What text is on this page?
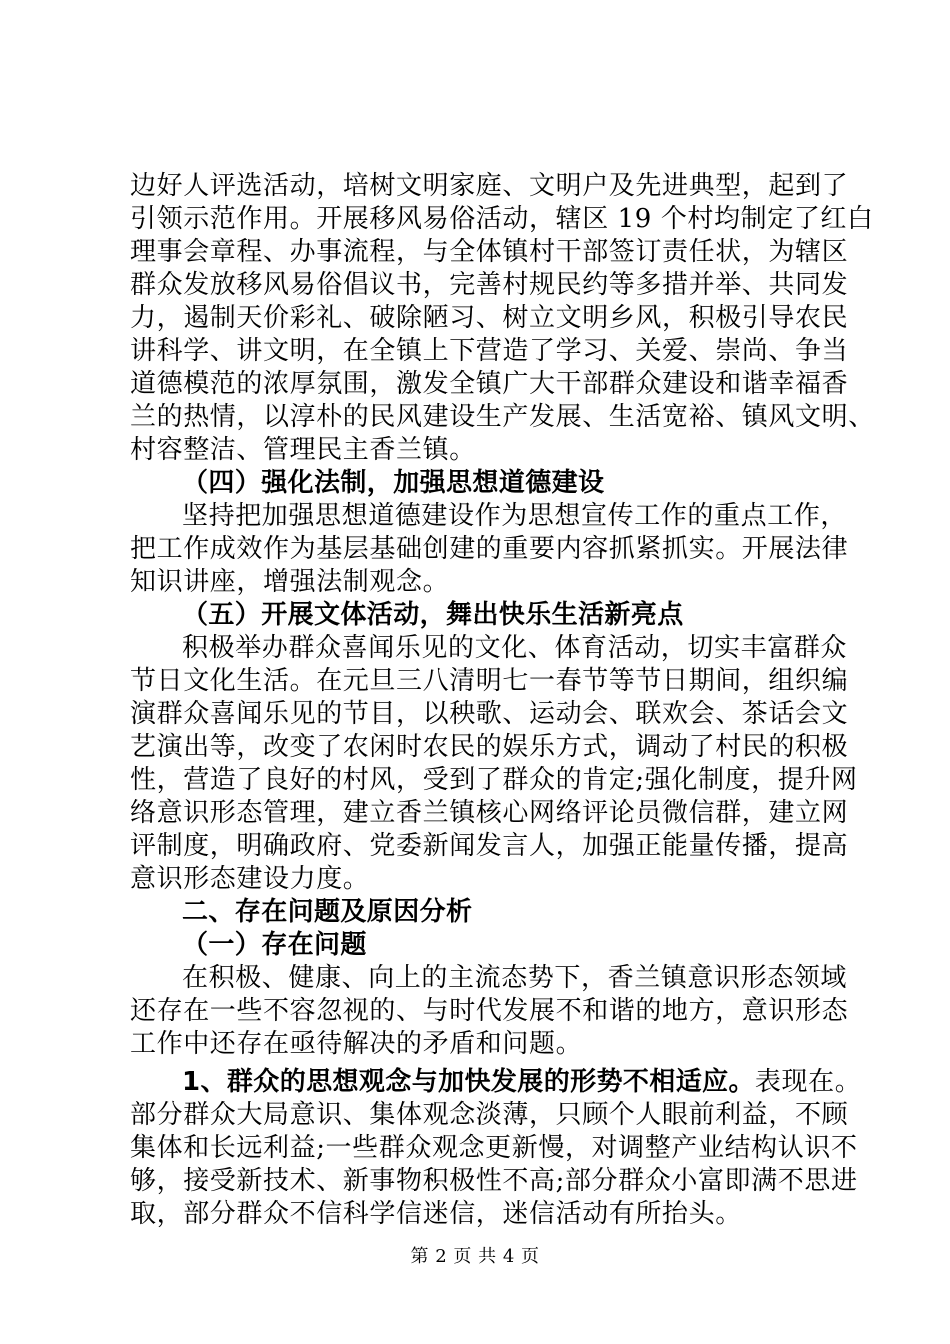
边好人评选活动，培树文明家庭、文明户及先进典型，起到了
引领示范作用。开展移风易俗活动，辖区 19 个村均制定了红白
理事会章程、办事流程，与全体镇村干部签订责任状，为辖区
群众发放移风易俗倡议书，完善村规民约等多措并举、共同发
力，遏制天价彩礼、破除陋习、树立文明乡风，积极引导农民
讲科学、讲文明，在全镇上下营造了学习、关爱、崇尚、争当
道德模范的浓厚氛围，激发全镇广大干部群众建设和谐幸福香
兰的热情，以淳朴的民风建设生产发展、生活宽裕、镇风文明、
村容整洁、管理民主香兰镇。
（四）强化法制，加强思想道德建设
坚持把加强思想道德建设作为思想宣传工作的重点工作，
把工作成效作为基层基础创建的重要内容抓紧抓实。开展法律
知识讲座，增强法制观念。
（五）开展文体活动，舞出快乐生活新亮点
积极举办群众喜闻乐见的文化、体育活动，切实丰富群众
节日文化生活。在元旦三八清明七一春节等节日期间，组织编
演群众喜闻乐见的节目，以秧歌、运动会、联欢会、茶话会文
艺演出等，改变了农闲时农民的娱乐方式，调动了村民的积极
性，营造了良好的村风，受到了群众的肯定;强化制度，提升网
络意识形态管理，建立香兰镇核心网络评论员微信群，建立网
评制度，明确政府、党委新闻发言人，加强正能量传播，提高
意识形态建设力度。
二、存在问题及原因分析
（一）存在问题
在积极、健康、向上的主流态势下，香兰镇意识形态领域
还存在一些不容忽视的、与时代发展不和谐的地方，意识形态
工作中还存在亟待解决的矛盾和问题。
1、群众的思想观念与加快发展的形势不相适应。表现在。
部分群众大局意识、集体观念淡薄，只顾个人眼前利益，不顾
集体和长远利益;一些群众观念更新慢，对调整产业结构认识不
够，接受新技术、新事物积极性不高;部分群众小富即满不思进
取，部分群众不信科学信迷信，迷信活动有所抬头。
第 2 页 共 4 页
